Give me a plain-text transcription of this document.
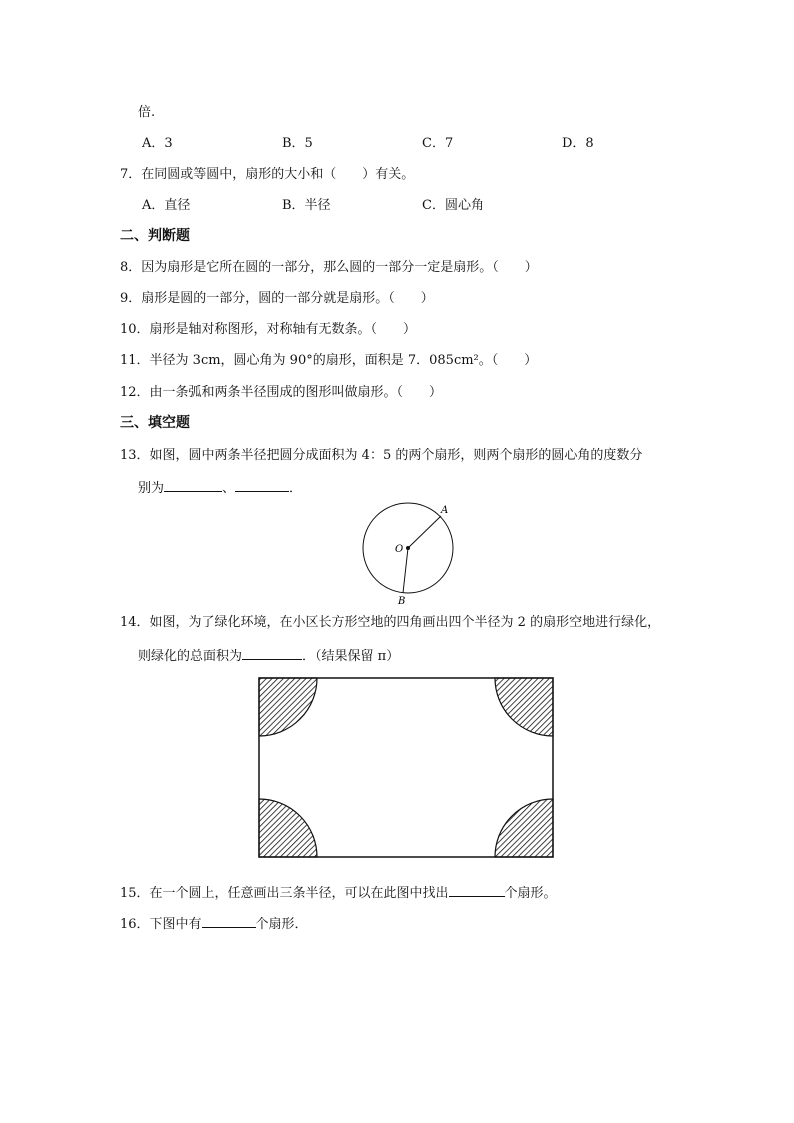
倍.
A．3	B．5	C．7	D．8
7．在同圆或等圆中，扇形的大小和（　　）有关。
A．直径	B．半径	C．圆心角
二、判断题
8．因为扇形是它所在圆的一部分，那么圆的一部分一定是扇形。（　　）
9．扇形是圆的一部分，圆的一部分就是扇形。（　　）
10．扇形是轴对称图形，对称轴有无数条。（　　）
11．半径为 3cm，圆心角为 90°的扇形，面积是 7．085cm²。（　　）
12．由一条弧和两条半径围成的图形叫做扇形。（　　）
三、填空题
13．如图，圆中两条半径把圆分成面积为 4：5 的两个扇形，则两个扇形的圆心角的度数分
别为	、	．
O
A
B
14．如图，为了绿化环境，在小区长方形空地的四角画出四个半径为 2 的扇形空地进行绿化，
则绿化的总面积为	．（结果保留 π）
15．在一个圆上，任意画出三条半径，可以在此图中找出	个扇形。
16．下图中有	个扇形．
